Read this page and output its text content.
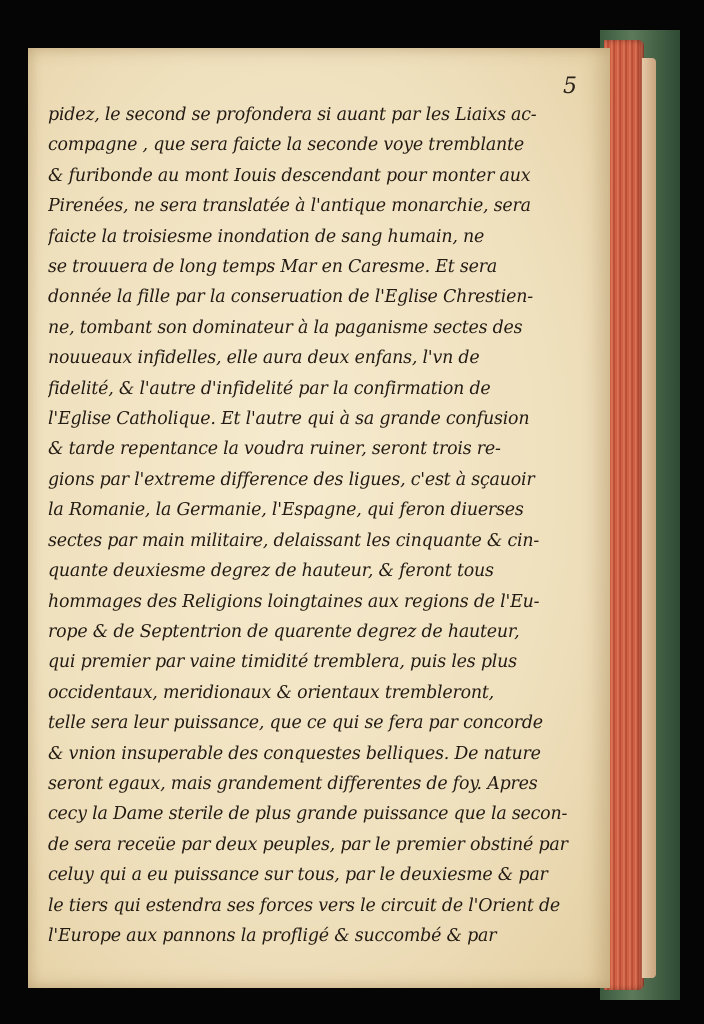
5
pidez, le second se profondera si auant par les Liaixs ac-
compagne , que sera faicte la seconde voye tremblante
& furibonde au mont Iouis descendant pour monter aux
Pirenées, ne sera translatée à l'antique monarchie, sera
faicte la troisiesme inondation de sang humain, ne
se trouuera de long temps Mar en Caresme. Et sera
donnée la fille par la conseruation de l'Eglise Chrestien-
ne, tombant son dominateur à la paganisme sectes des
nouueaux infidelles, elle aura deux enfans, l'vn de
fidelité, & l'autre d'infidelité par la confirmation de
l'Eglise Catholique. Et l'autre qui à sa grande confusion
& tarde repentance la voudra ruiner, seront trois re-
gions par l'extreme difference des ligues, c'est à sçauoir
la Romanie, la Germanie, l'Espagne, qui feron diuerses
sectes par main militaire, delaissant les cinquante & cin-
quante deuxiesme degrez de hauteur, & feront tous
hommages des Religions loingtaines aux regions de l'Eu-
rope & de Septentrion de quarente degrez de hauteur,
qui premier par vaine timidité tremblera, puis les plus
occidentaux, meridionaux & orientaux trembleront,
telle sera leur puissance, que ce qui se fera par concorde
& vnion insuperable des conquestes belliques. De nature
seront egaux, mais grandement differentes de foy. Apres
cecy la Dame sterile de plus grande puissance que la secon-
de sera receüe par deux peuples, par le premier obstiné par
celuy qui a eu puissance sur tous, par le deuxiesme & par
le tiers qui estendra ses forces vers le circuit de l'Orient de
l'Europe aux pannons la profligé & succombé & par
